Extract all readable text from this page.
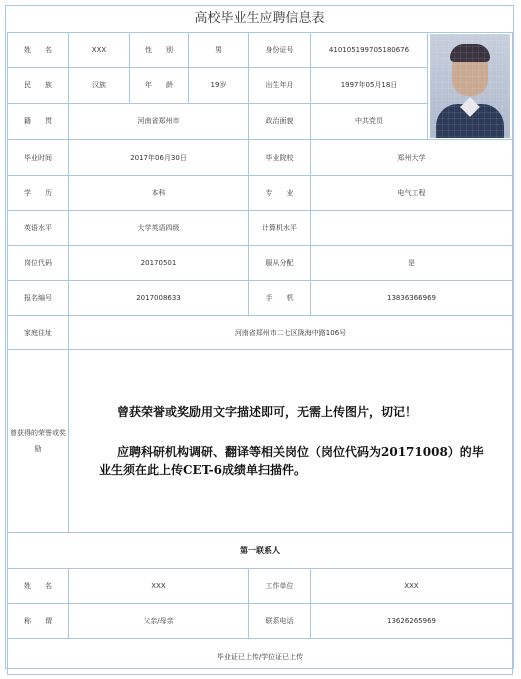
高校毕业生应聘信息表
姓　　名	XXX	性　　别	男	身份证号	410105199705180676	

民　　族	汉族	年　　龄	19岁	出生年月	1997年05月18日	
籍　　贯	河南省郑州市			政治面貌	中共党员	
毕业时间	2017年06月30日			毕业院校	郑州大学	
学　　历	本科			专　　业	电气工程	
英语水平	大学英语四级			计算机水平		
岗位代码	20170501			服从分配	是	
报名编号	2017008633			手　　机	13836366969	
家庭住址	河南省郑州市二七区陇海中路106号					
曾获得的荣誉或奖励	曾获荣誉或奖励用文字描述即可，无需上传图片，切记！

应聘科研机构调研、翻译等相关岗位（岗位代码为20171008）的毕业生须在此上传CET-6成绩单扫描件。					

第一联系人						
姓　　名	XXX			工作单位	XXX	
称　　谓	父亲/母亲			联系电话	13626265969	
毕业证已上传/学位证已上传						
